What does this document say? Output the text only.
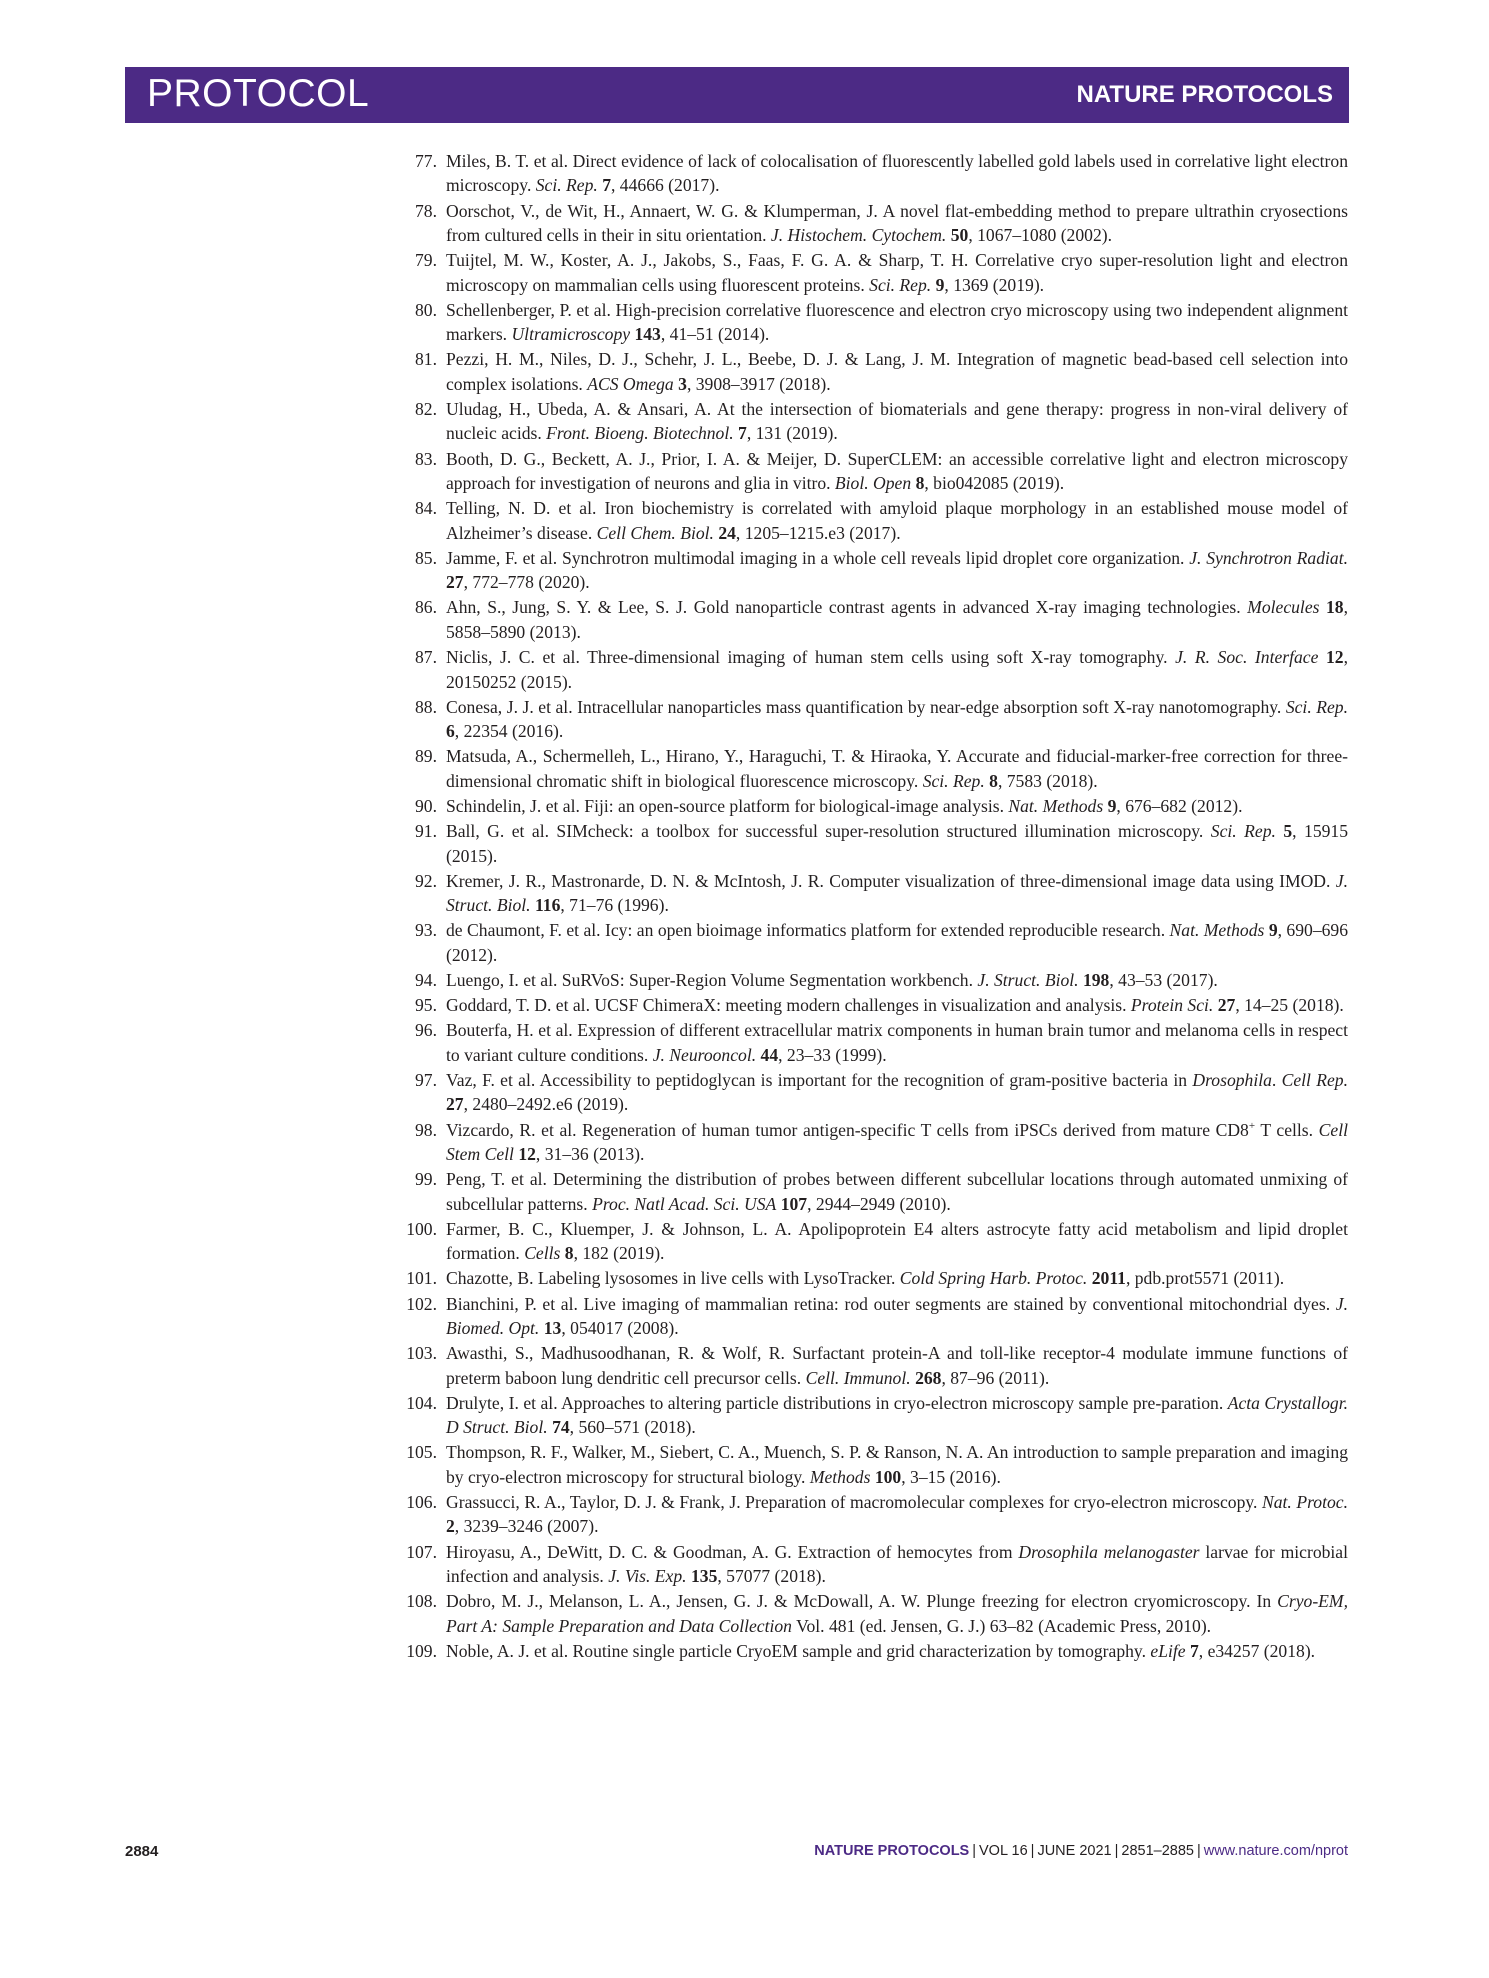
PROTOCOL	NATURE PROTOCOLS
77. Miles, B. T. et al. Direct evidence of lack of colocalisation of fluorescently labelled gold labels used in correlative light electron microscopy. Sci. Rep. 7, 44666 (2017).
78. Oorschot, V., de Wit, H., Annaert, W. G. & Klumperman, J. A novel flat-embedding method to prepare ultrathin cryosections from cultured cells in their in situ orientation. J. Histochem. Cytochem. 50, 1067–1080 (2002).
79. Tuijtel, M. W., Koster, A. J., Jakobs, S., Faas, F. G. A. & Sharp, T. H. Correlative cryo super-resolution light and electron microscopy on mammalian cells using fluorescent proteins. Sci. Rep. 9, 1369 (2019).
80. Schellenberger, P. et al. High-precision correlative fluorescence and electron cryo microscopy using two independent alignment markers. Ultramicroscopy 143, 41–51 (2014).
81. Pezzi, H. M., Niles, D. J., Schehr, J. L., Beebe, D. J. & Lang, J. M. Integration of magnetic bead-based cell selection into complex isolations. ACS Omega 3, 3908–3917 (2018).
82. Uludag, H., Ubeda, A. & Ansari, A. At the intersection of biomaterials and gene therapy: progress in non-viral delivery of nucleic acids. Front. Bioeng. Biotechnol. 7, 131 (2019).
83. Booth, D. G., Beckett, A. J., Prior, I. A. & Meijer, D. SuperCLEM: an accessible correlative light and electron microscopy approach for investigation of neurons and glia in vitro. Biol. Open 8, bio042085 (2019).
84. Telling, N. D. et al. Iron biochemistry is correlated with amyloid plaque morphology in an established mouse model of Alzheimer’s disease. Cell Chem. Biol. 24, 1205–1215.e3 (2017).
85. Jamme, F. et al. Synchrotron multimodal imaging in a whole cell reveals lipid droplet core organization. J. Synchrotron Radiat. 27, 772–778 (2020).
86. Ahn, S., Jung, S. Y. & Lee, S. J. Gold nanoparticle contrast agents in advanced X-ray imaging technologies. Molecules 18, 5858–5890 (2013).
87. Niclis, J. C. et al. Three-dimensional imaging of human stem cells using soft X-ray tomography. J. R. Soc. Interface 12, 20150252 (2015).
88. Conesa, J. J. et al. Intracellular nanoparticles mass quantification by near-edge absorption soft X-ray nanotomography. Sci. Rep. 6, 22354 (2016).
89. Matsuda, A., Schermelleh, L., Hirano, Y., Haraguchi, T. & Hiraoka, Y. Accurate and fiducial-marker-free correction for three-dimensional chromatic shift in biological fluorescence microscopy. Sci. Rep. 8, 7583 (2018).
90. Schindelin, J. et al. Fiji: an open-source platform for biological-image analysis. Nat. Methods 9, 676–682 (2012).
91. Ball, G. et al. SIMcheck: a toolbox for successful super-resolution structured illumination microscopy. Sci. Rep. 5, 15915 (2015).
92. Kremer, J. R., Mastronarde, D. N. & McIntosh, J. R. Computer visualization of three-dimensional image data using IMOD. J. Struct. Biol. 116, 71–76 (1996).
93. de Chaumont, F. et al. Icy: an open bioimage informatics platform for extended reproducible research. Nat. Methods 9, 690–696 (2012).
94. Luengo, I. et al. SuRVoS: Super-Region Volume Segmentation workbench. J. Struct. Biol. 198, 43–53 (2017).
95. Goddard, T. D. et al. UCSF ChimeraX: meeting modern challenges in visualization and analysis. Protein Sci. 27, 14–25 (2018).
96. Bouterfa, H. et al. Expression of different extracellular matrix components in human brain tumor and melanoma cells in respect to variant culture conditions. J. Neurooncol. 44, 23–33 (1999).
97. Vaz, F. et al. Accessibility to peptidoglycan is important for the recognition of gram-positive bacteria in Drosophila. Cell Rep. 27, 2480–2492.e6 (2019).
98. Vizcardo, R. et al. Regeneration of human tumor antigen-specific T cells from iPSCs derived from mature CD8+ T cells. Cell Stem Cell 12, 31–36 (2013).
99. Peng, T. et al. Determining the distribution of probes between different subcellular locations through automated unmixing of subcellular patterns. Proc. Natl Acad. Sci. USA 107, 2944–2949 (2010).
100. Farmer, B. C., Kluemper, J. & Johnson, L. A. Apolipoprotein E4 alters astrocyte fatty acid metabolism and lipid droplet formation. Cells 8, 182 (2019).
101. Chazotte, B. Labeling lysosomes in live cells with LysoTracker. Cold Spring Harb. Protoc. 2011, pdb.prot5571 (2011).
102. Bianchini, P. et al. Live imaging of mammalian retina: rod outer segments are stained by conventional mitochondrial dyes. J. Biomed. Opt. 13, 054017 (2008).
103. Awasthi, S., Madhusoodhanan, R. & Wolf, R. Surfactant protein-A and toll-like receptor-4 modulate immune functions of preterm baboon lung dendritic cell precursor cells. Cell. Immunol. 268, 87–96 (2011).
104. Drulyte, I. et al. Approaches to altering particle distributions in cryo-electron microscopy sample pre-paration. Acta Crystallogr. D Struct. Biol. 74, 560–571 (2018).
105. Thompson, R. F., Walker, M., Siebert, C. A., Muench, S. P. & Ranson, N. A. An introduction to sample preparation and imaging by cryo-electron microscopy for structural biology. Methods 100, 3–15 (2016).
106. Grassucci, R. A., Taylor, D. J. & Frank, J. Preparation of macromolecular complexes for cryo-electron microscopy. Nat. Protoc. 2, 3239–3246 (2007).
107. Hiroyasu, A., DeWitt, D. C. & Goodman, A. G. Extraction of hemocytes from Drosophila melanogaster larvae for microbial infection and analysis. J. Vis. Exp. 135, 57077 (2018).
108. Dobro, M. J., Melanson, L. A., Jensen, G. J. & McDowall, A. W. Plunge freezing for electron cryomicroscopy. In Cryo-EM, Part A: Sample Preparation and Data Collection Vol. 481 (ed. Jensen, G. J.) 63–82 (Academic Press, 2010).
109. Noble, A. J. et al. Routine single particle CryoEM sample and grid characterization by tomography. eLife 7, e34257 (2018).
2884	NATURE PROTOCOLS | VOL 16 | JUNE 2021 | 2851–2885 | www.nature.com/nprot
